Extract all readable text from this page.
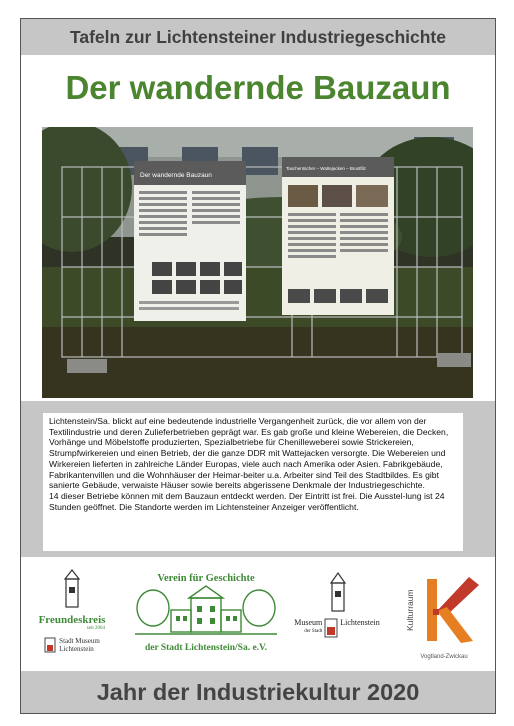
Tafeln zur Lichtensteiner Industriegeschichte
Der wandernde Bauzaun
Der wandernde Bauzaun
Taschentücher – Wattejacken – Brustfilz

Lichtenstein/Sa. blickt auf eine bedeutende industrielle Vergangenheit zurück, die vor allem von der Textilindustrie und deren Zulieferbetrieben geprägt war. Es gab große und kleine Webereien, die Decken, Vorhänge und Möbelstoffe produzierten, Spezialbetriebe für Chenilleweberei sowie Strickereien, Strumpfwirkereien und einen Betrieb, der die ganze DDR mit Wattejacken versorgte. Die Webereien und Wirkereien lieferten in zahlreiche Länder Europas, viele auch nach Amerika oder Asien. Fabrikgebäude, Fabrikantenvillen und die Wohnhäuser der Heimar-beiter u.a. Arbeiter sind Teil des Stadtbildes. Es gibt sanierte Gebäude, verwaiste Häuser sowie bereits abgerissene Denkmale der Industriegeschichte.

14 dieser Betriebe können mit dem Bauzaun entdeckt werden. Der Eintritt ist frei. Die Ausstel-lung ist 24 Stunden geöffnet. Die Standorte werden im Lichtensteiner Anzeiger veröffentlicht.

Freundeskreis
seit 2004
Stadt Museum
Lichtenstein
Verein für Geschichte
der Stadt Lichtenstein/Sa. e.V.
Museum
der Stadt
Lichtenstein	Kulturraum
Vogtland-Zwickau
Jahr der Industriekultur 2020
